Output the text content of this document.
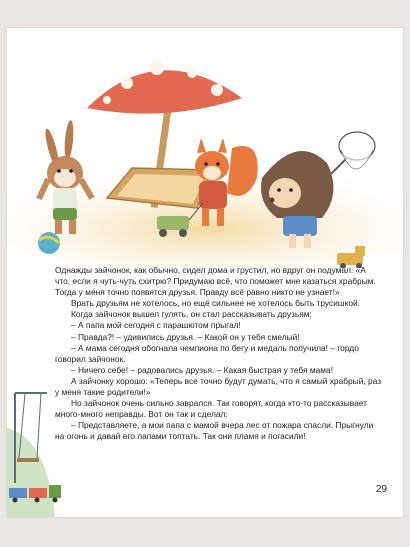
Однажды зайчонок, как обычно, сидел дома и грустил, но вдруг он подумал: «А что, если я чуть-чуть схитрю? Придумаю всё, что поможет мне казаться храбрым. Тогда у меня точно появятся друзья. Правду всё равно никто не узнает!»

Врать друзьям не хотелось, но ещё сильнее не хотелось быть трусишкой.

Когда зайчонок вышел гулять, он стал рассказывать друзьям:

– А папа мой сегодня с парашютом прыгал!

– Правда?! – удивились друзья. – Какой он у тебя смелый!

– А мама сегодня обогнала чемпиона по бегу и медаль получила! – гордо говорил зайчонок.

– Ничего себе! – радовались друзья. – Какая быстрая у тебя мама!

А зайчонку хорошо: «Теперь все точно будут думать, что я самый храбрый, раз у меня такие родители!»

Но зайчонок очень сильно заврался. Так говорят, когда кто-то рассказывает много-много неправды. Вот он так и сделал:

– Представляете, а мои папа с мамой вчера лес от пожара спасли. Прыгнули на огонь и давай его лапами топтать. Так они пламя и погасили!

29
